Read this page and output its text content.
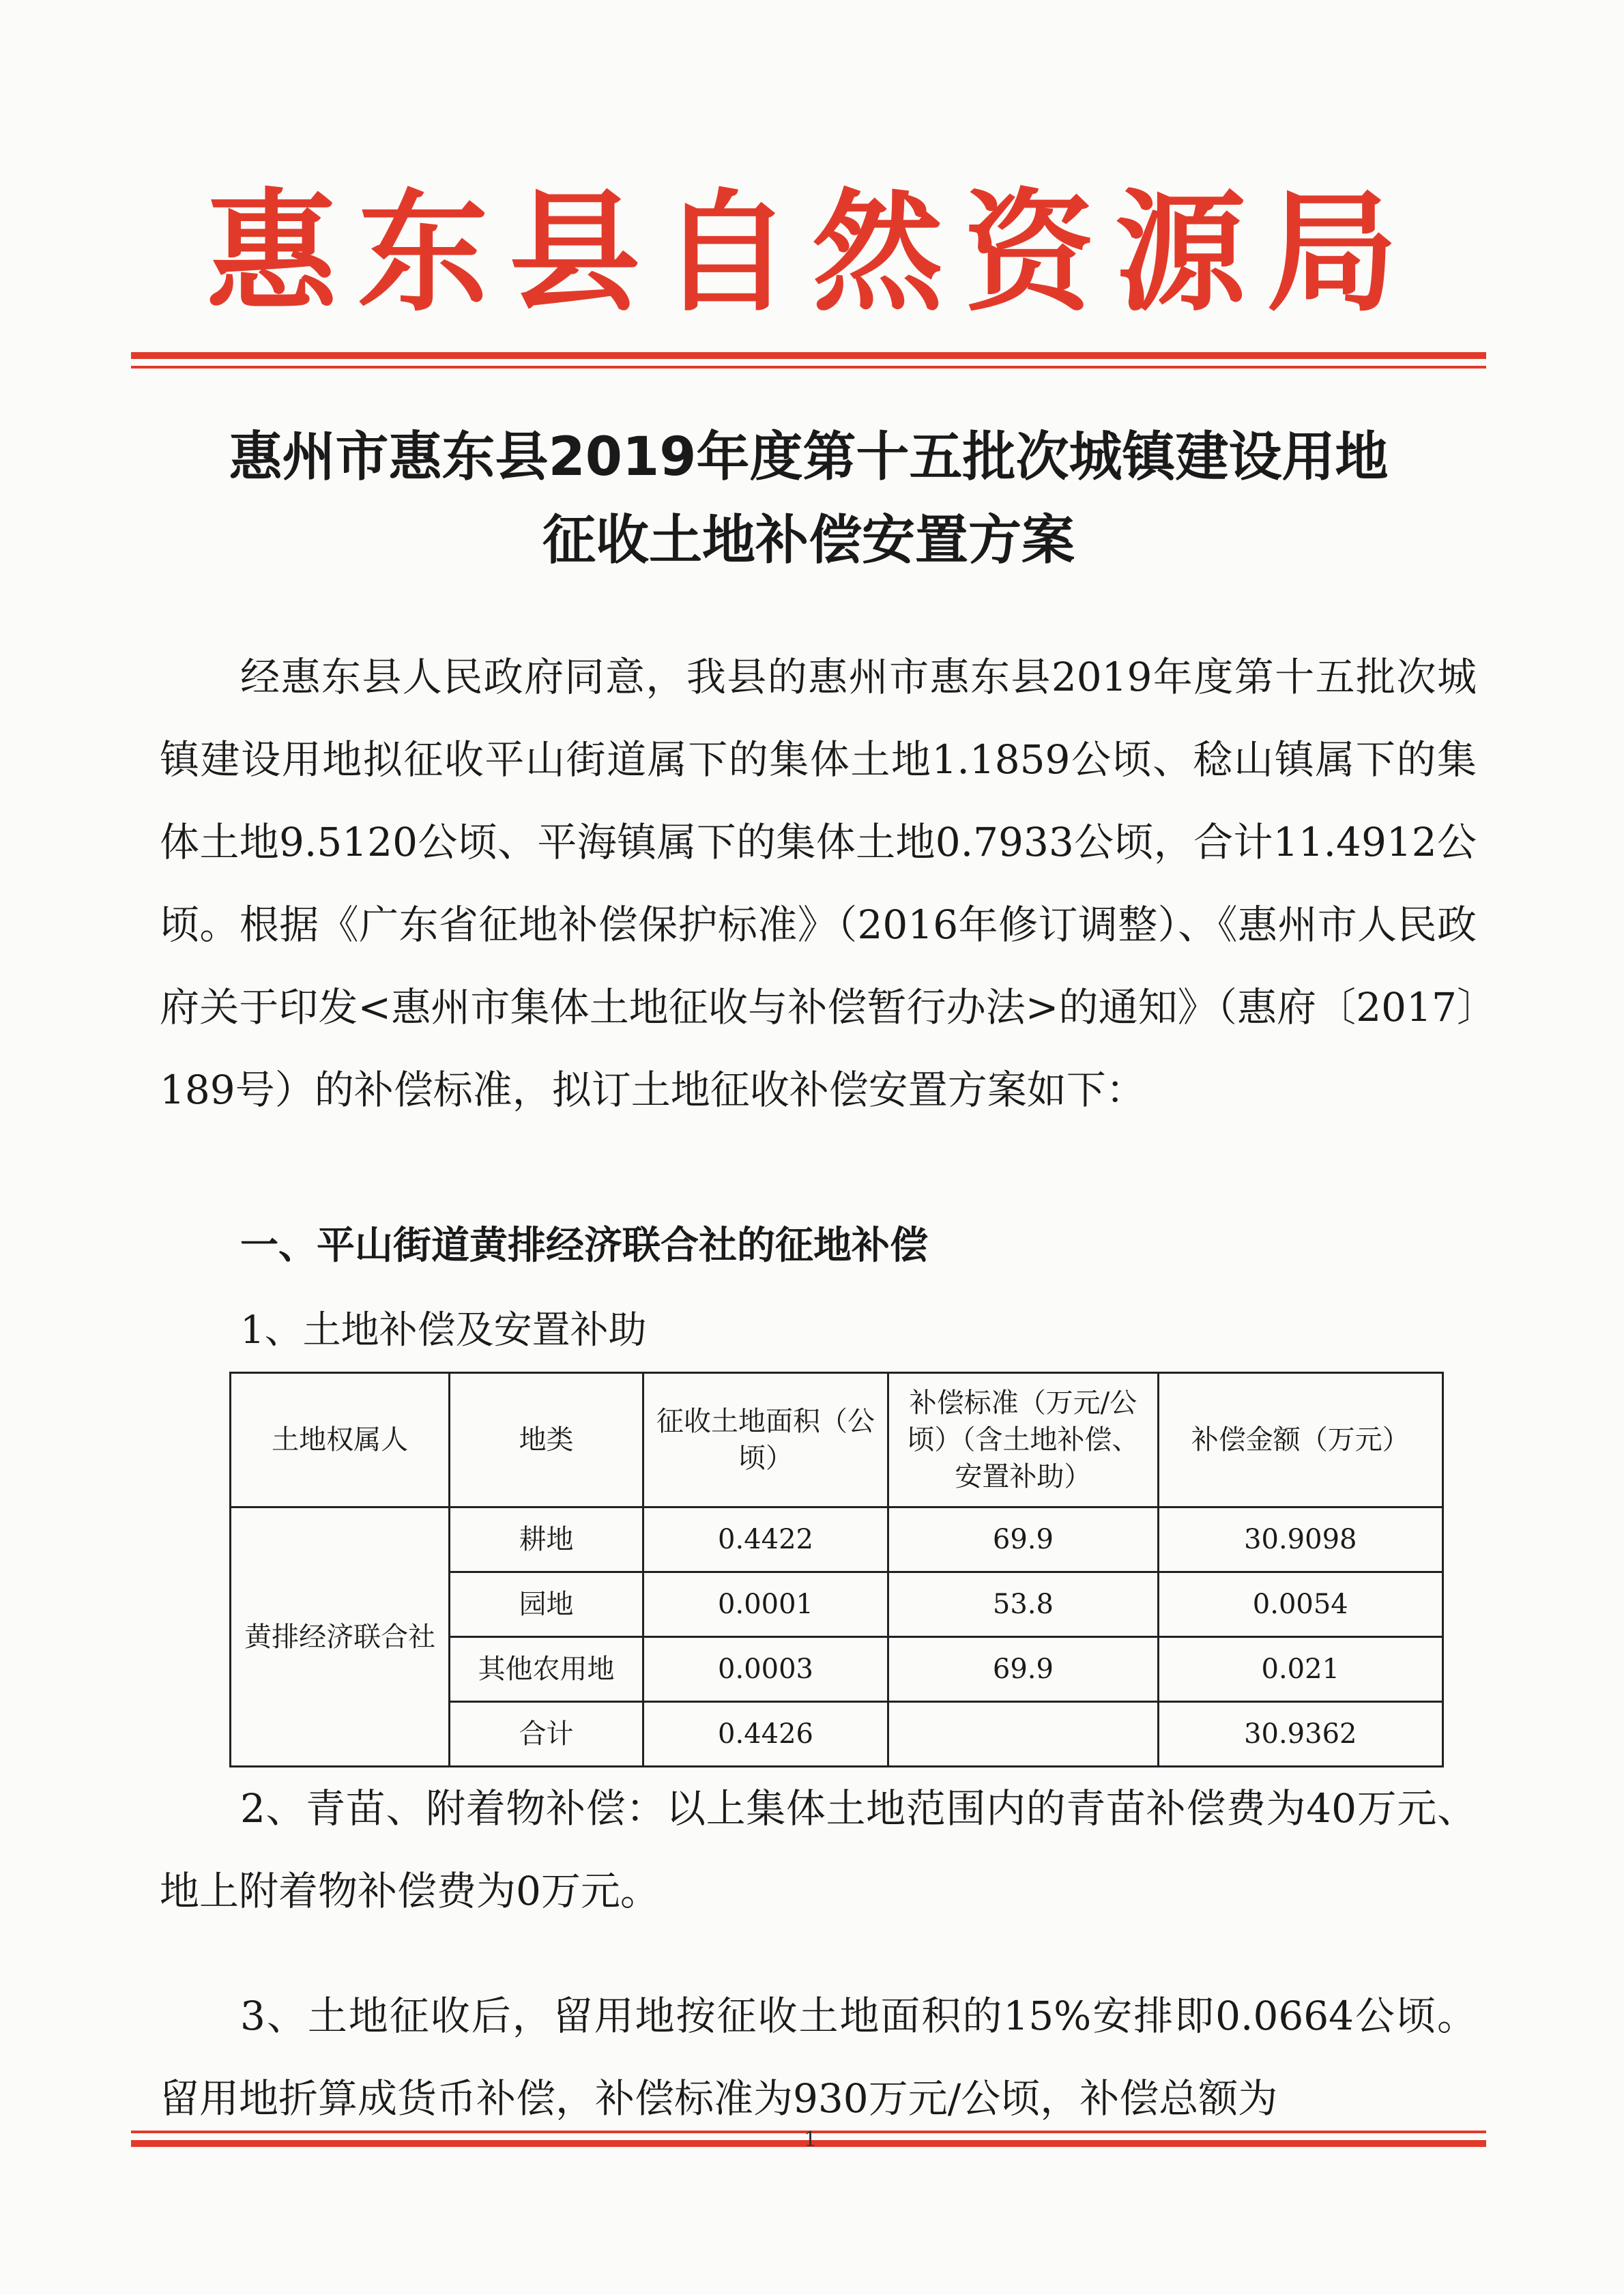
惠东县自然资源局
惠州市惠东县2019年度第十五批次城镇建设用地
征收土地补偿安置方案

经惠东县人民政府同意，我县的惠州市惠东县2019年度第十五批次城镇建设用地拟征收平山街道属下的集体土地1.1859公顷、稔山镇属下的集体土地9.5120公顷、平海镇属下的集体土地0.7933公顷，合计11.4912公顷。根据《广东省征地补偿保护标准》（2016年修订调整）、《惠州市人民政府关于印发<惠州市集体土地征收与补偿暂行办法>的通知》（惠府〔2017〕189号）的补偿标准，拟订土地征收补偿安置方案如下：

一、平山街道黄排经济联合社的征地补偿
1、土地补偿及安置补助
土地权属人	地类	征收土地面积（公顷）	补偿标准（万元/公顷）（含土地补偿、安置补助）	补偿金额（万元）
黄排经济联合社	耕地	0.4422	69.9	30.9098
	园地	0.0001	53.8	0.0054
	其他农用地	0.0003	69.9	0.021
	合计	0.4426		30.9362

2、青苗、附着物补偿：以上集体土地范围内的青苗补偿费为40万元、地上附着物补偿费为0万元。

3、土地征收后，留用地按征收土地面积的15%安排即0.0664公顷。留用地折算成货币补偿，补偿标准为930万元/公顷，补偿总额为

1
